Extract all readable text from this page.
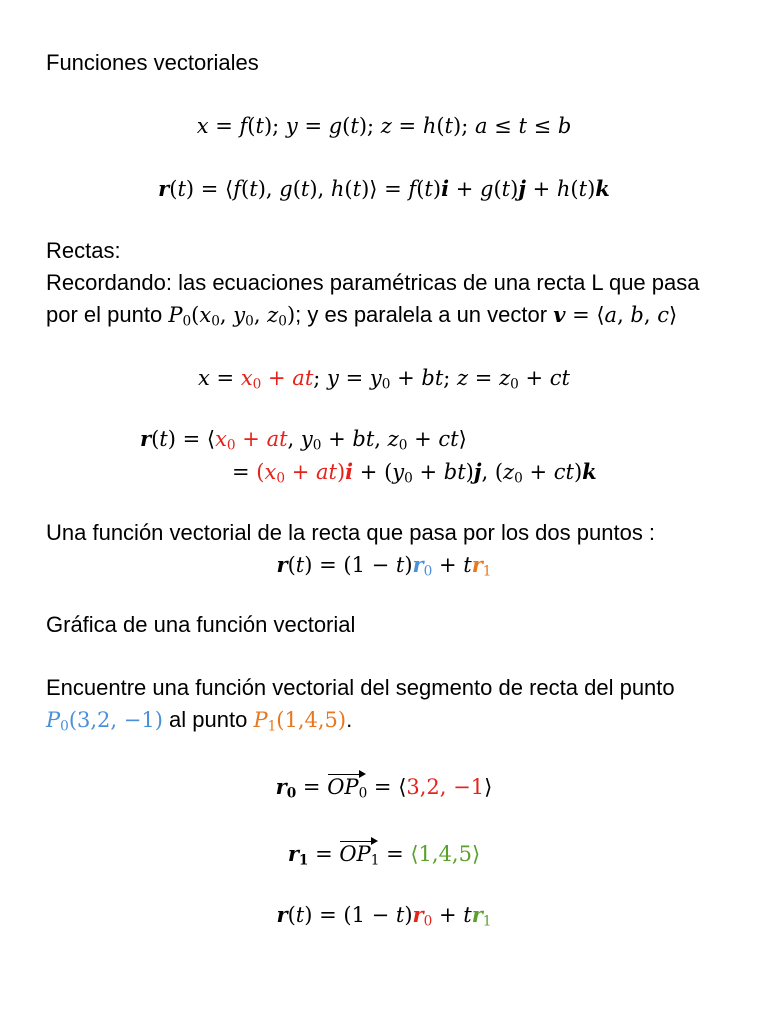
Funciones vectoriales
x = f(t); y = g(t); z = h(t); a ≤ t ≤ b
r(t) = ⟨f(t), g(t), h(t)⟩ = f(t)i + g(t)j + h(t)k
Rectas:
Recordando: las ecuaciones paramétricas de una recta L que pasa
por el punto $P_0(x_0$, $y_0$, $z_0$); y es paralela a un vector v = ⟨a, b, c⟩
$x = x_0$ + at; $y = y_0$ + bt; $z = z_0$ + ct
$r(t) = ⟨x_0$ + at, $y_0$ + bt, $z_0$ + ct⟩
= $(x_0 + at)i + (y_0 + bt)j$, $(z_0 + ct)k$
Una función vectorial de la recta que pasa por los dos puntos :
$r(t) = (1 - t)r_0 + tr_1$
Gráfica de una función vectorial
Encuentre una función vectorial del segmento de recta del punto
$P_0(3,2$, −1) al punto $P_1(1,4,5)$.
$r_0 = OP_0$ = ⟨3,2, −1⟩
$r_1 = OP_1$ = ⟨1,4,5⟩
$r(t) = (1 - t)r_0 + tr_1$
